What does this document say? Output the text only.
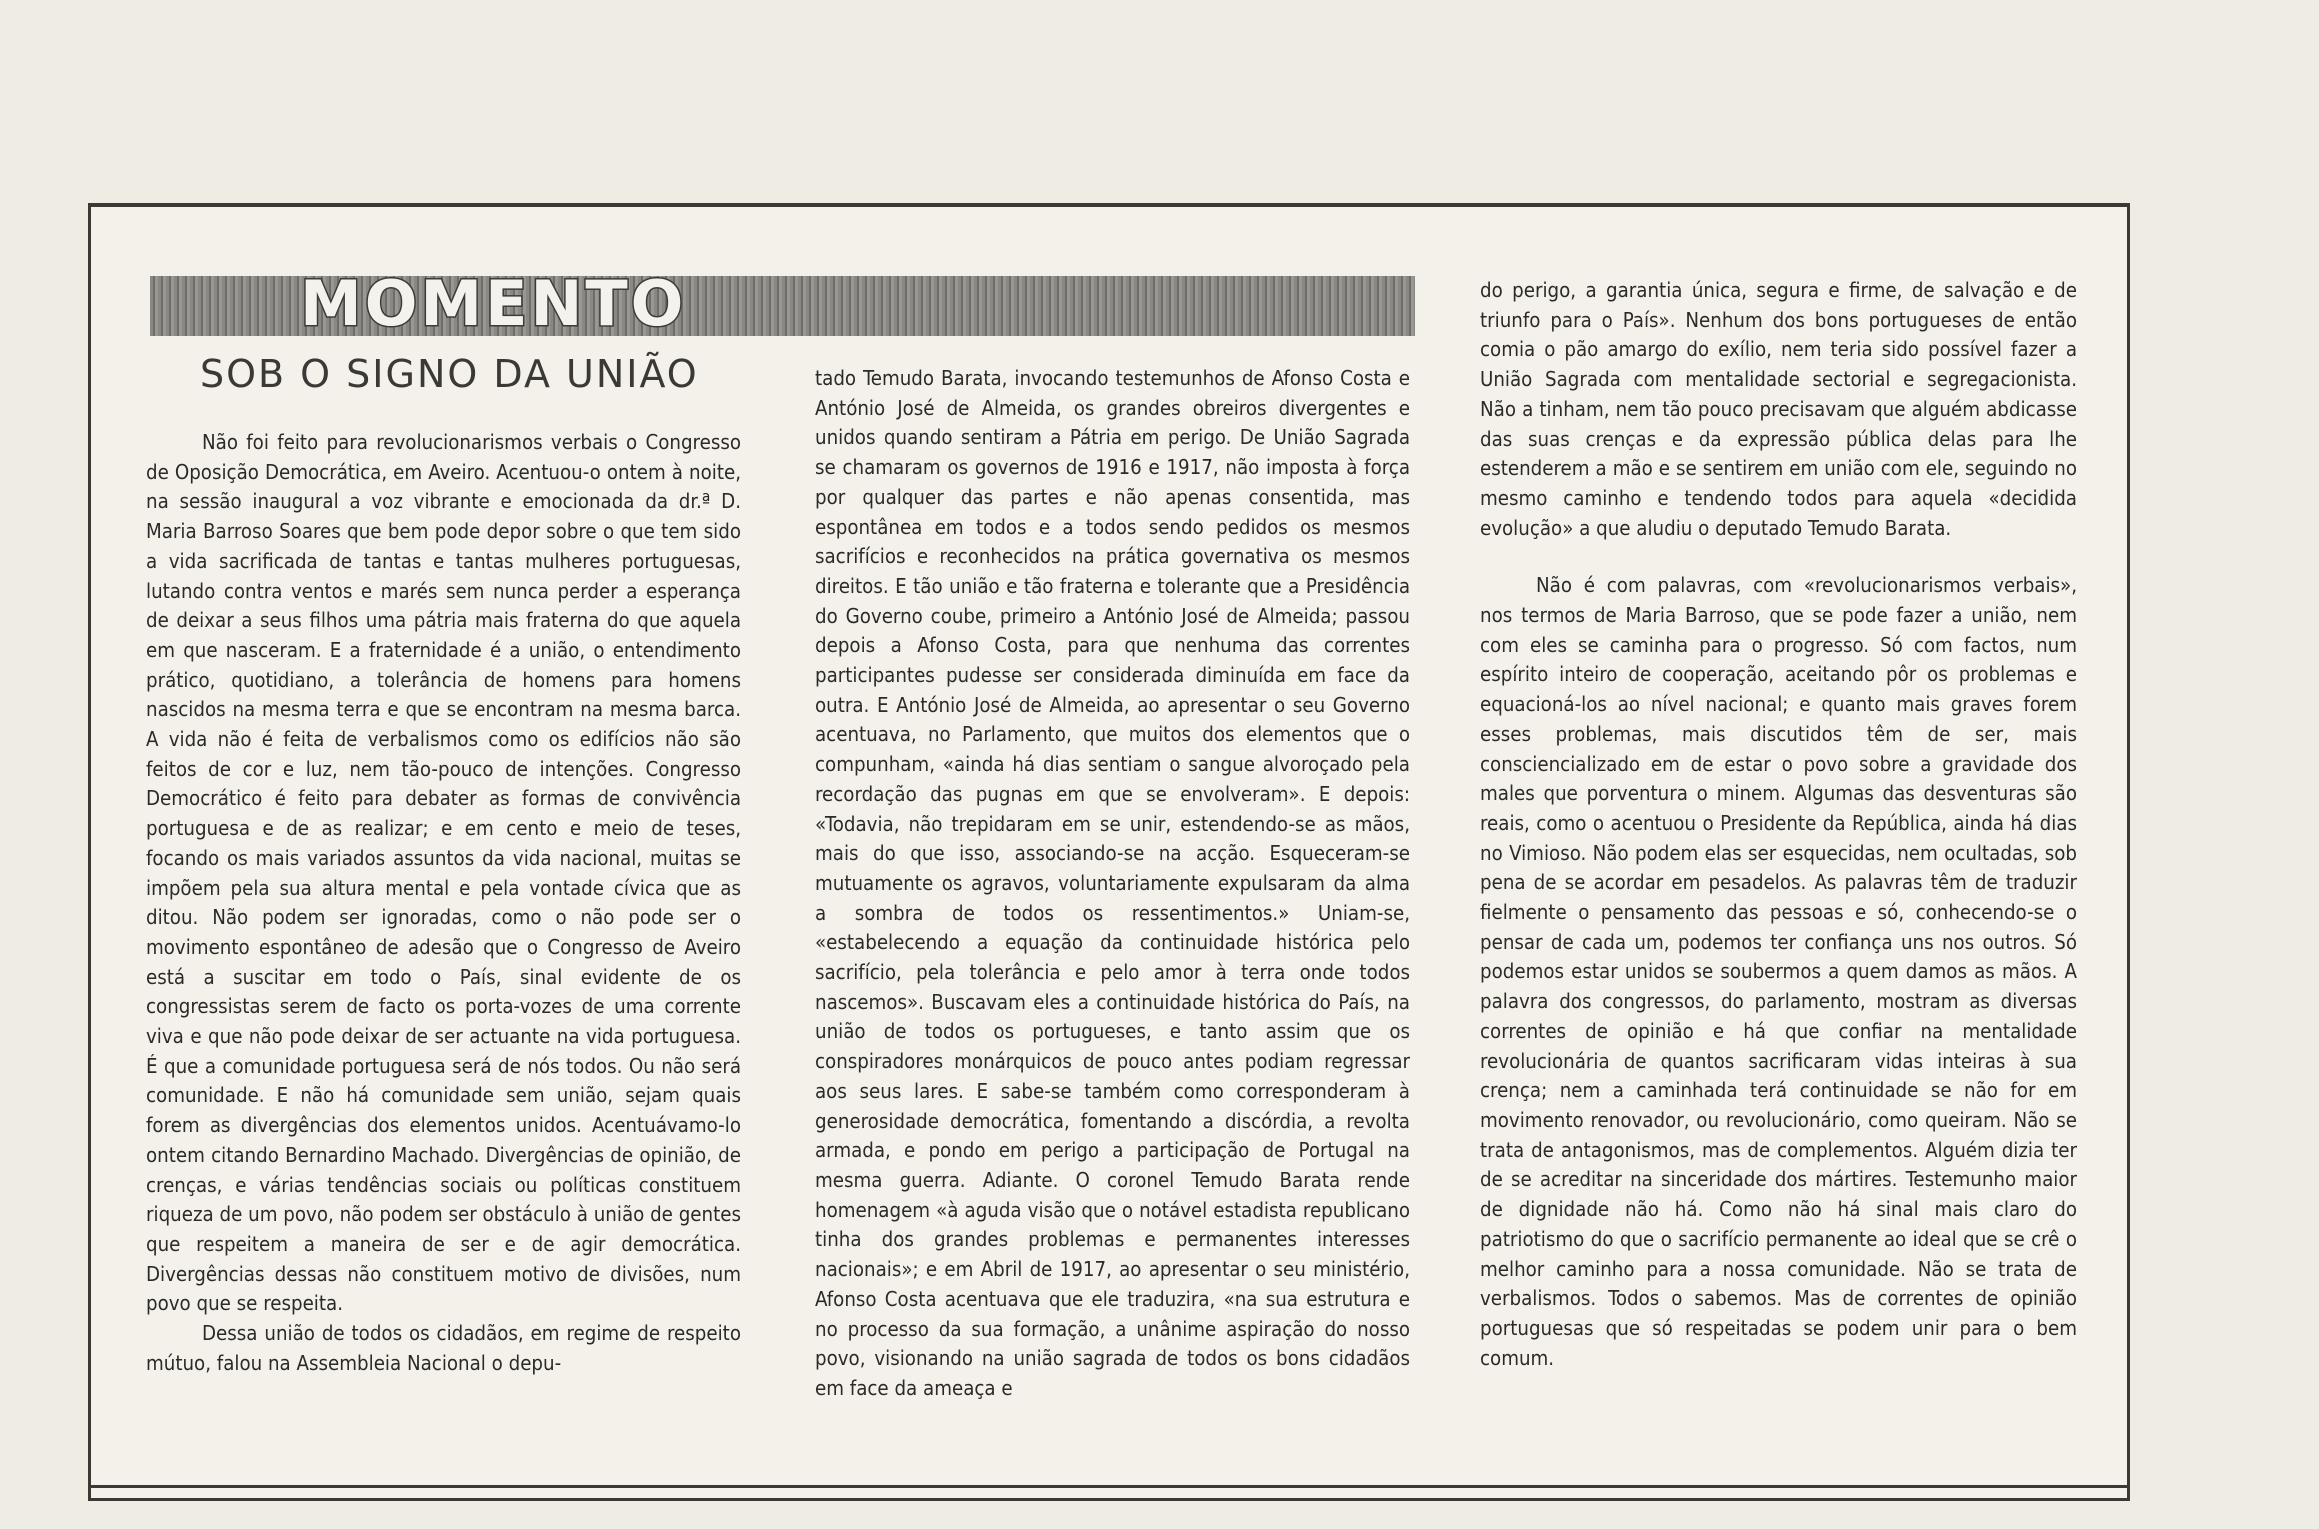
MOMENTO
SOB O SIGNO DA UNIÃO

Não foi feito para revolucionarismos verbais o Congresso de Oposição Democrática, em Aveiro. Acentuou-o ontem à noite, na sessão inaugural a voz vibrante e emocionada da dr.ª D. Maria Barroso Soares que bem pode depor sobre o que tem sido a vida sacrificada de tantas e tantas mulheres portuguesas, lutando contra ventos e marés sem nunca perder a esperança de deixar a seus filhos uma pátria mais fraterna do que aquela em que nasceram. E a fraternidade é a união, o entendimento prático, quotidiano, a tolerância de homens para homens nascidos na mesma terra e que se encontram na mesma barca. A vida não é feita de verbalismos como os edifícios não são feitos de cor e luz, nem tão-pouco de intenções. Congresso Democrático é feito para debater as formas de convivência portuguesa e de as realizar; e em cento e meio de teses, focando os mais variados assuntos da vida nacional, muitas se impõem pela sua altura mental e pela vontade cívica que as ditou. Não podem ser ignoradas, como o não pode ser o movimento espontâneo de adesão que o Congresso de Aveiro está a suscitar em todo o País, sinal evidente de os congressistas serem de facto os porta-vozes de uma corrente viva e que não pode deixar de ser actuante na vida portuguesa. É que a comunidade portuguesa será de nós todos. Ou não será comunidade. E não há comunidade sem união, sejam quais forem as divergências dos elementos unidos. Acentuávamo-lo ontem citando Bernardino Machado. Divergências de opinião, de crenças, e várias tendências sociais ou políticas constituem riqueza de um povo, não podem ser obstáculo à união de gentes que respeitem a maneira de ser e de agir democrática. Divergências dessas não constituem motivo de divisões, num povo que se respeita.

Dessa união de todos os cidadãos, em regime de respeito mútuo, falou na Assembleia Nacional o depu-

tado Temudo Barata, invocando testemunhos de Afonso Costa e António José de Almeida, os grandes obreiros divergentes e unidos quando sentiram a Pátria em perigo. De União Sagrada se chamaram os governos de 1916 e 1917, não imposta à força por qualquer das partes e não apenas consentida, mas espontânea em todos e a todos sendo pedidos os mesmos sacrifícios e reconhecidos na prática governativa os mesmos direitos. E tão união e tão fraterna e tolerante que a Presidência do Governo coube, primeiro a António José de Almeida; passou depois a Afonso Costa, para que nenhuma das correntes participantes pudesse ser considerada diminuída em face da outra. E António José de Almeida, ao apresentar o seu Governo acentuava, no Parlamento, que muitos dos elementos que o compunham, «ainda há dias sentiam o sangue alvoroçado pela recordação das pugnas em que se envolveram». E depois: «Todavia, não trepidaram em se unir, estendendo-se as mãos, mais do que isso, associando-se na acção. Esqueceram-se mutuamente os agravos, voluntariamente expulsaram da alma a sombra de todos os ressentimentos.» Uniam-se, «estabelecendo a equação da continuidade histórica pelo sacrifício, pela tolerância e pelo amor à terra onde todos nascemos». Buscavam eles a continuidade histórica do País, na união de todos os portugueses, e tanto assim que os conspiradores monárquicos de pouco antes podiam regressar aos seus lares. E sabe-se também como corresponderam à generosidade democrática, fomentando a discórdia, a revolta armada, e pondo em perigo a participação de Portugal na mesma guerra. Adiante. O coronel Temudo Barata rende homenagem «à aguda visão que o notável estadista republicano tinha dos grandes problemas e permanentes interesses nacionais»; e em Abril de 1917, ao apresentar o seu ministério, Afonso Costa acentuava que ele traduzira, «na sua estrutura e no processo da sua formação, a unânime aspiração do nosso povo, visionando na união sagrada de todos os bons cidadãos em face da ameaça e

do perigo, a garantia única, segura e firme, de salvação e de triunfo para o País». Nenhum dos bons portugueses de então comia o pão amargo do exílio, nem teria sido possível fazer a União Sagrada com mentalidade sectorial e segregacionista. Não a tinham, nem tão pouco precisavam que alguém abdicasse das suas crenças e da expressão pública delas para lhe estenderem a mão e se sentirem em união com ele, seguindo no mesmo caminho e tendendo todos para aquela «decidida evolução» a que aludiu o deputado Temudo Barata.

Não é com palavras, com «revolucionarismos verbais», nos termos de Maria Barroso, que se pode fazer a união, nem com eles se caminha para o progresso. Só com factos, num espírito inteiro de cooperação, aceitando pôr os problemas e equacioná-los ao nível nacional; e quanto mais graves forem esses problemas, mais discutidos têm de ser, mais consciencializado em de estar o povo sobre a gravidade dos males que porventura o minem. Algumas das desventuras são reais, como o acentuou o Presidente da República, ainda há dias no Vimioso. Não podem elas ser esquecidas, nem ocultadas, sob pena de se acordar em pesadelos. As palavras têm de traduzir fielmente o pensamento das pessoas e só, conhecendo-se o pensar de cada um, podemos ter confiança uns nos outros. Só podemos estar unidos se soubermos a quem damos as mãos. A palavra dos congressos, do parlamento, mostram as diversas correntes de opinião e há que confiar na mentalidade revolucionária de quantos sacrificaram vidas inteiras à sua crença; nem a caminhada terá continuidade se não for em movimento renovador, ou revolucionário, como queiram. Não se trata de antagonismos, mas de complementos. Alguém dizia ter de se acreditar na sinceridade dos mártires. Testemunho maior de dignidade não há. Como não há sinal mais claro do patriotismo do que o sacrifício permanente ao ideal que se crê o melhor caminho para a nossa comunidade. Não se trata de verbalismos. Todos o sabemos. Mas de correntes de opinião portuguesas que só respeitadas se podem unir para o bem comum.
